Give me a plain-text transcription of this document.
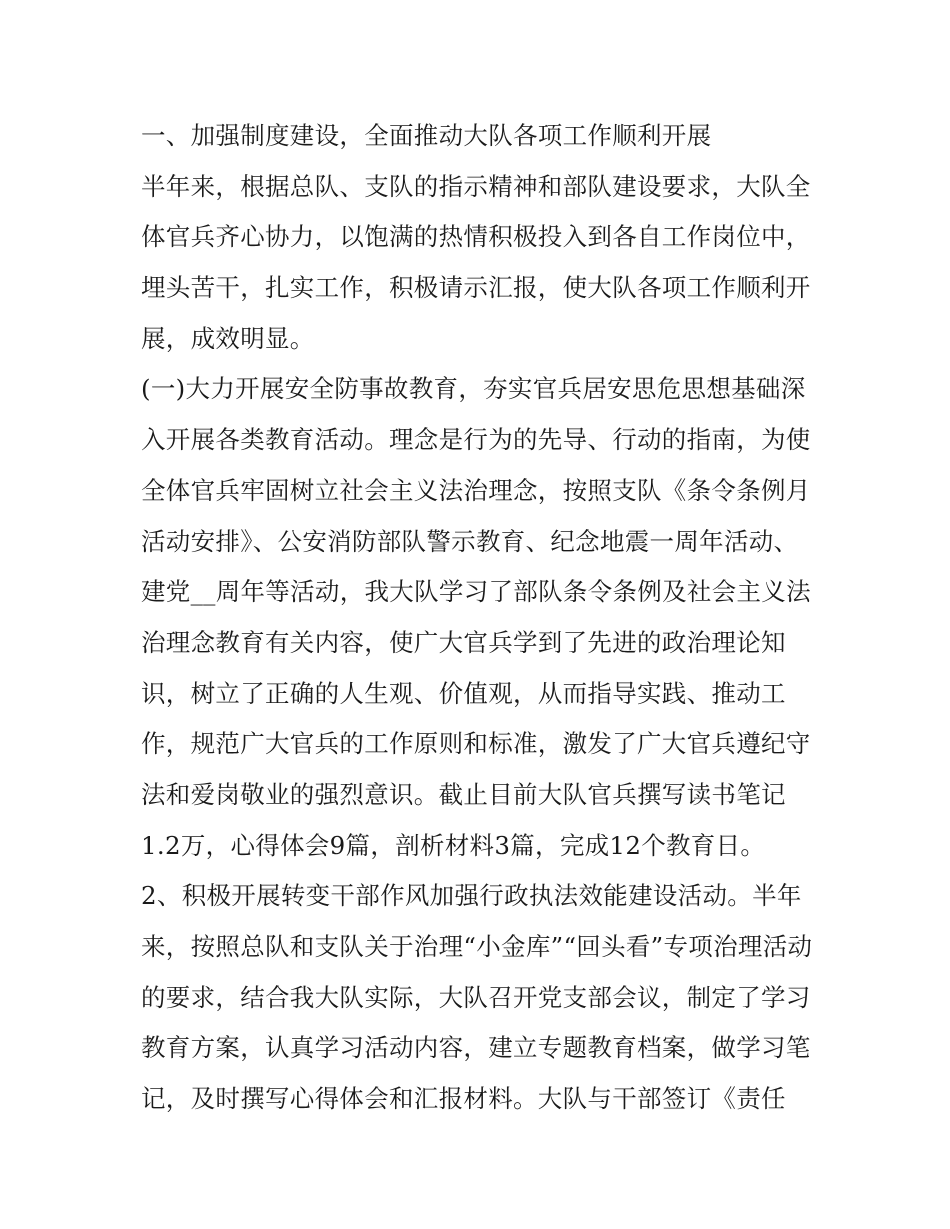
一、加强制度建设，全面推动大队各项工作顺利开展
半年来，根据总队、支队的指示精神和部队建设要求，大队全
体官兵齐心协力，以饱满的热情积极投入到各自工作岗位中，
埋头苦干，扎实工作，积极请示汇报，使大队各项工作顺利开
展，成效明显。
(一)大力开展安全防事故教育，夯实官兵居安思危思想基础深
入开展各类教育活动。理念是行为的先导、行动的指南，为使
全体官兵牢固树立社会主义法治理念，按照支队《条令条例月
活动安排》、公安消防部队警示教育、纪念地震一周年活动、
建党__周年等活动，我大队学习了部队条令条例及社会主义法
治理念教育有关内容，使广大官兵学到了先进的政治理论知
识，树立了正确的人生观、价值观，从而指导实践、推动工
作，规范广大官兵的工作原则和标准，激发了广大官兵遵纪守
法和爱岗敬业的强烈意识。截止目前大队官兵撰写读书笔记
1.2万，心得体会9篇，剖析材料3篇，完成12个教育日。
2、积极开展转变干部作风加强行政执法效能建设活动。半年
来，按照总队和支队关于治理“小金库”“回头看”专项治理活动
的要求，结合我大队实际，大队召开党支部会议，制定了学习
教育方案，认真学习活动内容，建立专题教育档案，做学习笔
记，及时撰写心得体会和汇报材料。大队与干部签订《责任
